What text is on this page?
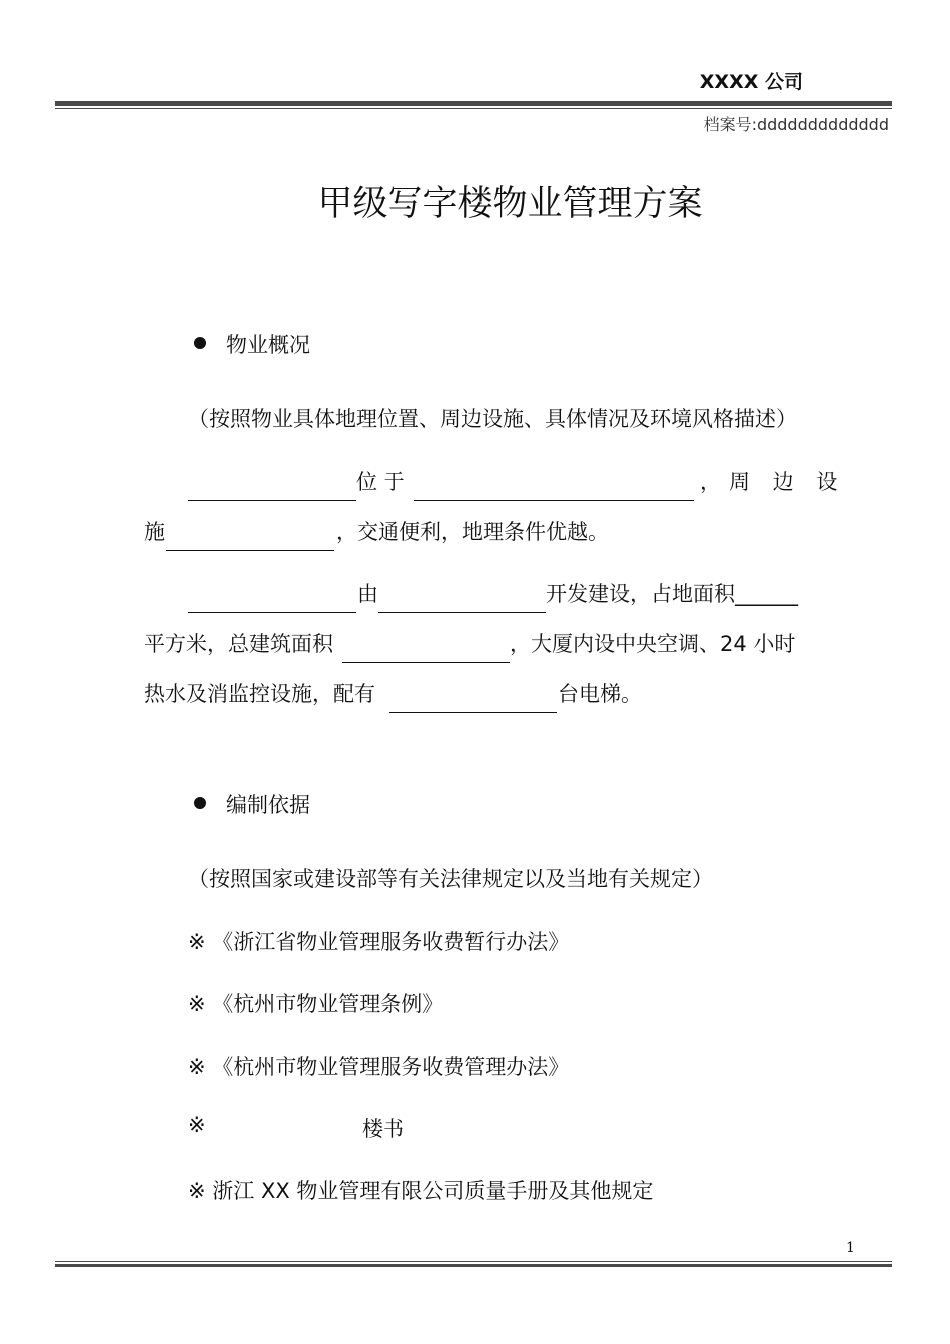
XXXX 公司
档案号:ddddddddddddd
甲级写字楼物业管理方案
物业概况
（按照物业具体地理位置、周边设施、具体情况及环境风格描述）
位 于	，周 边 设
施	，交通便利，地理条件优越。
由	开发建设，占地面积______
平方米，总建筑面积	，大厦内设中央空调、24 小时
热水及消监控设施，配有	台电梯。
编制依据
（按照国家或建设部等有关法律规定以及当地有关规定）
※ 《浙江省物业管理服务收费暂行办法》
※ 《杭州市物业管理条例》
※ 《杭州市物业管理服务收费管理办法》
※	楼书
※ 浙江 XX 物业管理有限公司质量手册及其他规定
1
